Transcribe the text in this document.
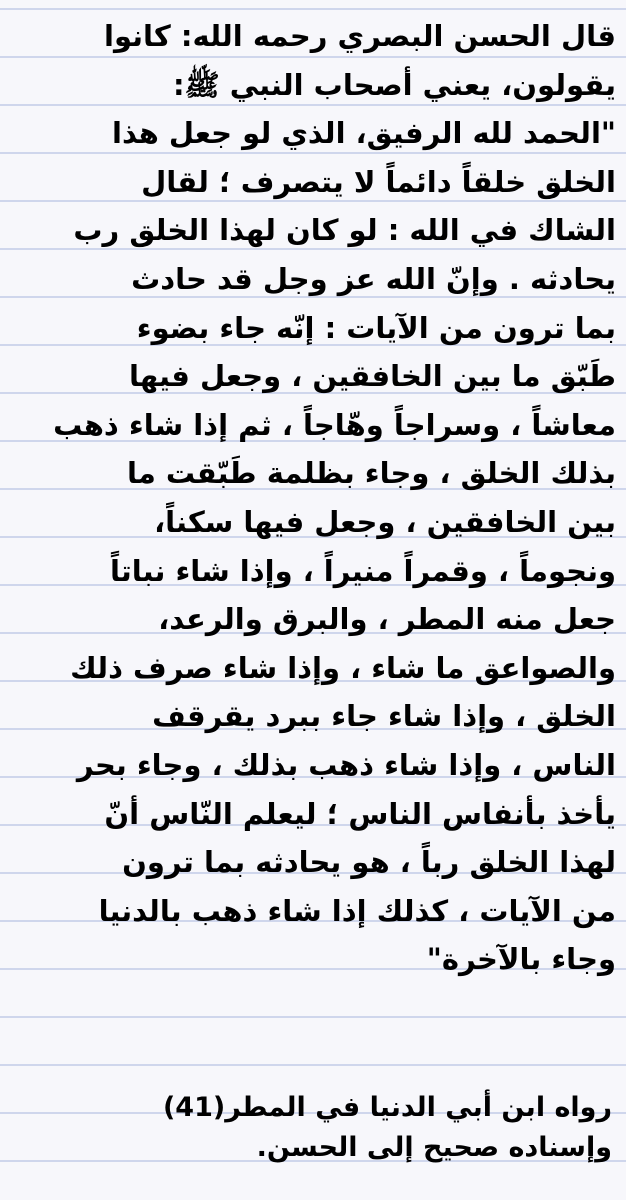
قال الحسن البصري رحمه الله: كانوا
يقولون، يعني أصحاب النبي ﷺ:
"الحمد لله الرفيق، الذي لو جعل هذا
الخلق خلقاً دائماً لا يتصرف ؛ لقال
الشاك في الله : لو كان لهذا الخلق رب
يحادثه . وإنّ الله عز وجل قد حادث
بما ترون من الآيات : إنّه جاء بضوء
طَبّق ما بين الخافقين ، وجعل فيها
معاشاً ، وسراجاً وهّاجاً ، ثم إذا شاء ذهب
بذلك الخلق ، وجاء بظلمة طَبّقت ما
بين الخافقين ، وجعل فيها سكناً،
ونجوماً ، وقمراً منيراً ، وإذا شاء نباتاً
جعل منه المطر ، والبرق والرعد،
والصواعق ما شاء ، وإذا شاء صرف ذلك
الخلق ، وإذا شاء جاء ببرد يقرقف
الناس ، وإذا شاء ذهب بذلك ، وجاء بحر
يأخذ بأنفاس الناس ؛ ليعلم النّاس أنّ
لهذا الخلق رباً ، هو يحادثه بما ترون
من الآيات ، كذلك إذا شاء ذهب بالدنيا
وجاء بالآخرة"
رواه ابن أبي الدنيا في المطر(41)
وإسناده صحيح إلى الحسن.
